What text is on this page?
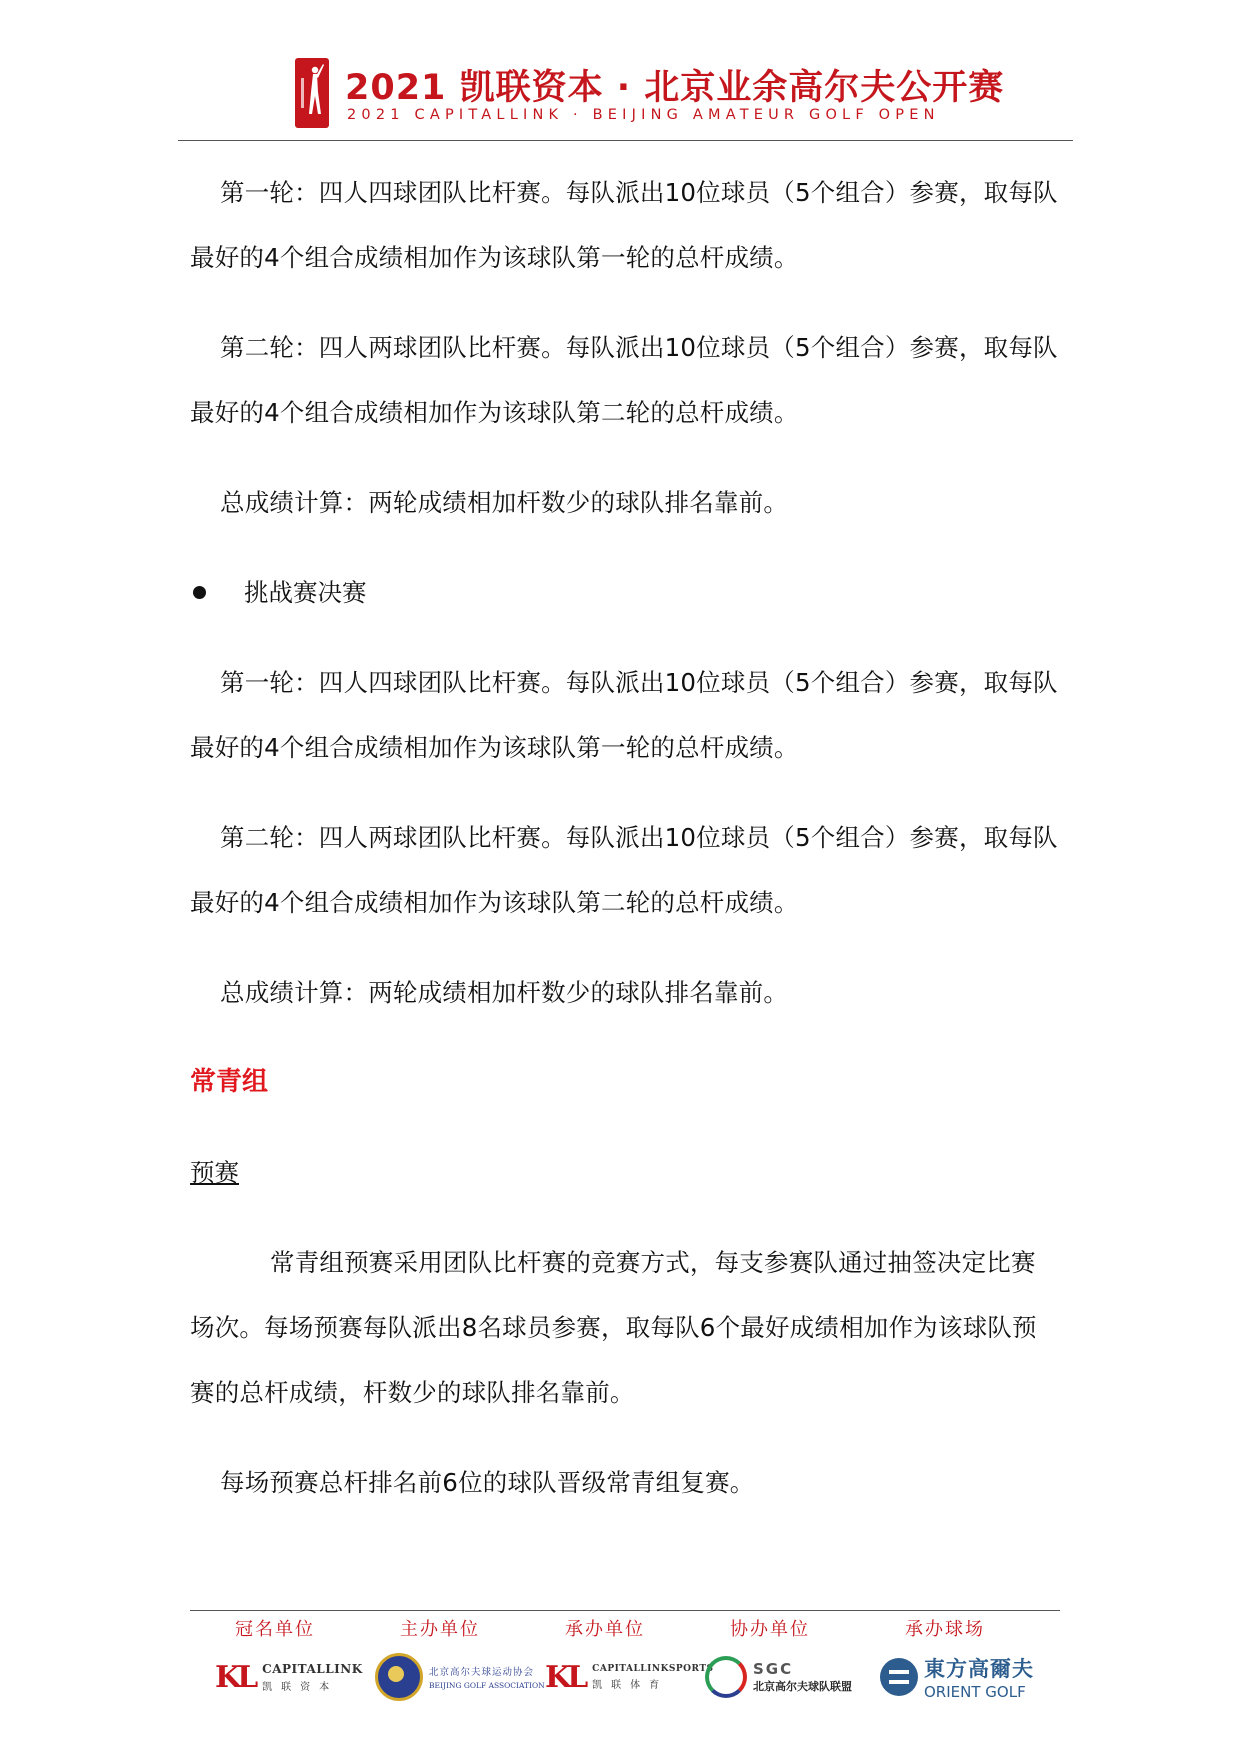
2021 凯联资本 · 北京业余高尔夫公开赛
2021 CAPITALLINK · BEIJING AMATEUR GOLF OPEN

第一轮：四人四球团队比杆赛。每队派出10位球员（5个组合）参赛，取每队最好的4个组合成绩相加作为该球队第一轮的总杆成绩。

第二轮：四人两球团队比杆赛。每队派出10位球员（5个组合）参赛，取每队最好的4个组合成绩相加作为该球队第二轮的总杆成绩。

总成绩计算：两轮成绩相加杆数少的球队排名靠前。

挑战赛决赛

第一轮：四人四球团队比杆赛。每队派出10位球员（5个组合）参赛，取每队最好的4个组合成绩相加作为该球队第一轮的总杆成绩。

第二轮：四人两球团队比杆赛。每队派出10位球员（5个组合）参赛，取每队最好的4个组合成绩相加作为该球队第二轮的总杆成绩。

总成绩计算：两轮成绩相加杆数少的球队排名靠前。

常青组
预赛

常青组预赛采用团队比杆赛的竞赛方式，每支参赛队通过抽签决定比赛场次。每场预赛每队派出8名球员参赛，取每队6个最好成绩相加作为该球队预赛的总杆成绩，杆数少的球队排名靠前。

每场预赛总杆排名前6位的球队晋级常青组复赛。

冠名单位	主办单位	承办单位	协办单位	承办球场
KL CAPITALLINK
凯联资本
北京高尔夫球运动协会
BEIJING GOLF ASSOCIATION KL CAPITALLINKSPORTS
凯联体育
SGC
北京高尔夫球队联盟
東方高爾夫
ORIENT GOLF
